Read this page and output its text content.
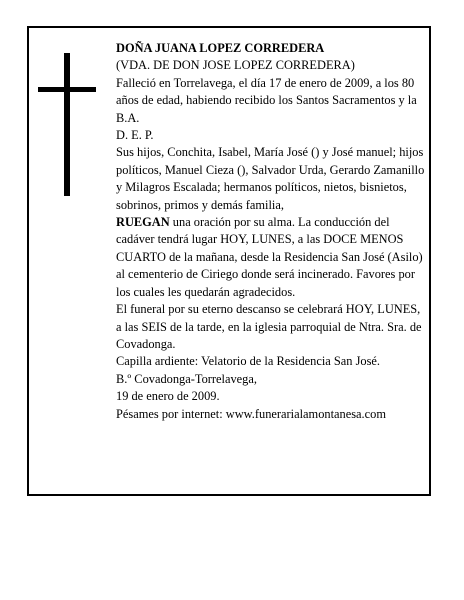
DOÑA JUANA LOPEZ CORREDERA

(VDA. DE DON JOSE LOPEZ CORREDERA)

Falleció en Torrelavega, el día 17 de enero de 2009, a los 80 años de edad, habiendo recibido los Santos Sacramentos y la B.A.

D. E. P.

Sus hijos, Conchita, Isabel, María José () y José manuel; hijos políticos, Manuel Cieza (), Salvador Urda, Gerardo Zamanillo y Milagros Escalada; hermanos políticos, nietos, bisnietos, sobrinos, primos y demás familia,

RUEGAN una oración por su alma. La conducción del cadáver tendrá lugar HOY, LUNES, a las DOCE MENOS CUARTO de la mañana, desde la Residencia San José (Asilo) al cementerio de Ciriego donde será incinerado. Favores por los cuales les quedarán agradecidos.

El funeral por su eterno descanso se celebrará HOY, LUNES, a las SEIS de la tarde, en la iglesia parroquial de Ntra. Sra. de Covadonga.

Capilla ardiente: Velatorio de la Residencia San José.

B.º Covadonga-Torrelavega,

19 de enero de 2009.

Pésames por internet: www.funerarialamontanesa.com
